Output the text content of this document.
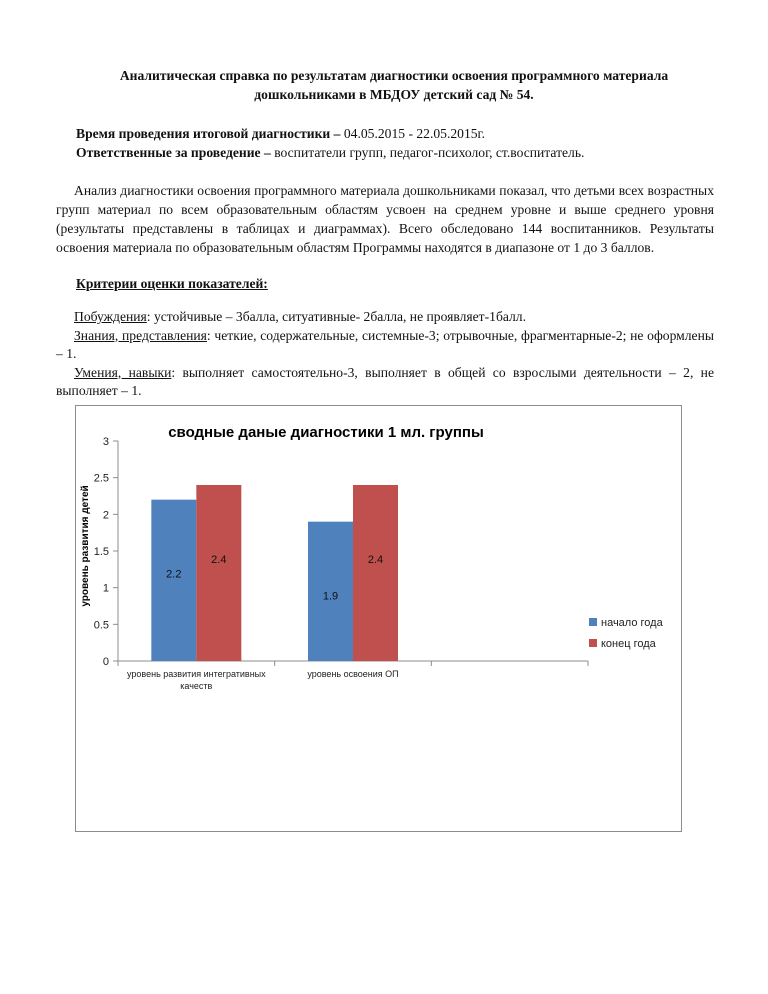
Аналитическая справка по результатам диагностики освоения программного материала
дошкольниками в МБДОУ детский сад № 54.
Время проведения итоговой диагностики – 04.05.2015 - 22.05.2015г.
Ответственные за проведение – воспитатели групп, педагог-психолог, ст.воспитатель.

Анализ диагностики освоения программного материала дошкольниками показал, что детьми всех возрастных групп материал по всем образовательным областям усвоен на среднем уровне и выше среднего уровня (результаты представлены в таблицах и диаграммах). Всего обследовано 144 воспитанников. Результаты освоения материала по образовательным областям Программы находятся в диапазоне от 1 до 3 баллов.

Критерии оценки показателей:

Побуждения: устойчивые – 3балла, ситуативные- 2балла, не проявляет-1балл.

Знания, представления: четкие, содержательные, системные-3; отрывочные, фрагментарные-2; не оформлены – 1.

Умения, навыки: выполняет самостоятельно-3, выполняет в общей со взрослыми деятельности – 2, не выполняет – 1.

сводные даные диагностики 1 мл. группы
уровень развития детей
0
0.5
1
1.5
2
2.5
3
уровень развития интегративных
качеств
уровень освоения ОП
2.2
1.9
2.4	2.4
начало года
конец года
